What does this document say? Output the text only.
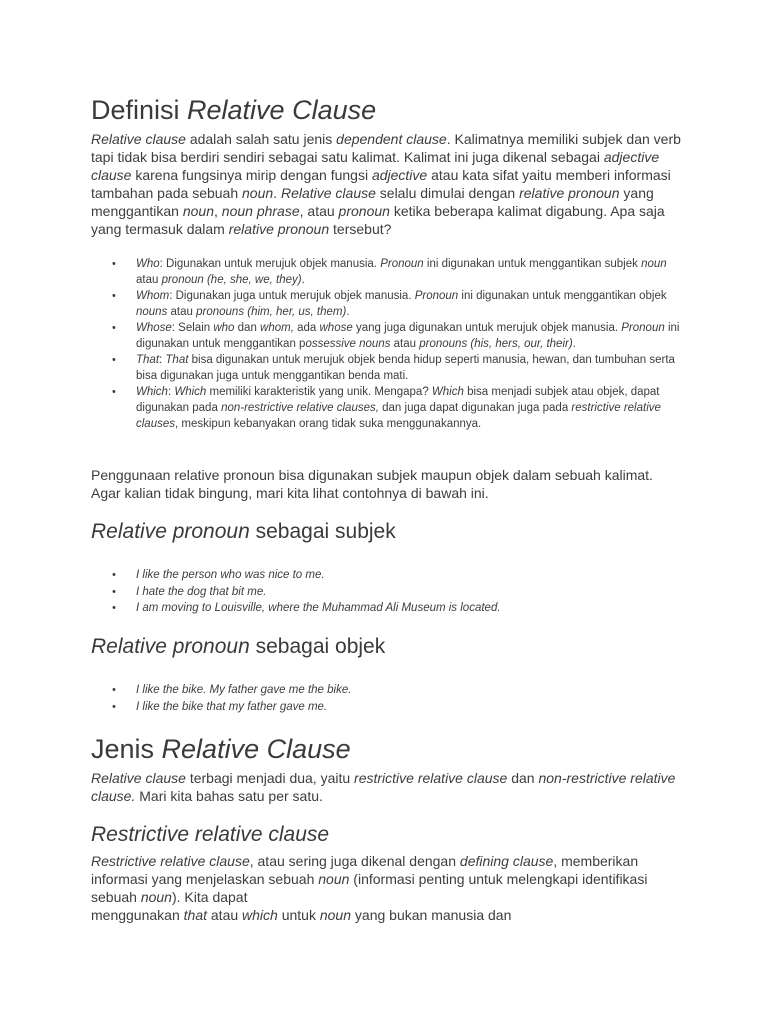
Definisi Relative Clause

Relative clause adalah salah satu jenis dependent clause. Kalimatnya memiliki subjek dan verb tapi tidak bisa berdiri sendiri sebagai satu kalimat. Kalimat ini juga dikenal sebagai adjective clause karena fungsinya mirip dengan fungsi adjective atau kata sifat yaitu memberi informasi tambahan pada sebuah noun. Relative clause selalu dimulai dengan relative pronoun yang menggantikan noun, noun phrase, atau pronoun ketika beberapa kalimat digabung. Apa saja yang termasuk dalam relative pronoun tersebut?

• Who: Digunakan untuk merujuk objek manusia. Pronoun ini digunakan untuk menggantikan subjek noun atau pronoun (he, she, we, they).
• Whom: Digunakan juga untuk merujuk objek manusia. Pronoun ini digunakan untuk menggantikan objek nouns atau pronouns (him, her, us, them).
• Whose: Selain who dan whom, ada whose yang juga digunakan untuk merujuk objek manusia. Pronoun ini digunakan untuk menggantikan possessive nouns atau pronouns (his, hers, our, their).
• That: That bisa digunakan untuk merujuk objek benda hidup seperti manusia, hewan, dan tumbuhan serta bisa digunakan juga untuk menggantikan benda mati.
• Which: Which memiliki karakteristik yang unik. Mengapa? Which bisa menjadi subjek atau objek, dapat digunakan pada non-restrictive relative clauses, dan juga dapat digunakan juga pada restrictive relative clauses, meskipun kebanyakan orang tidak suka menggunakannya.

Penggunaan relative pronoun bisa digunakan subjek maupun objek dalam sebuah kalimat. Agar kalian tidak bingung, mari kita lihat contohnya di bawah ini.

Relative pronoun sebagai subjek
• I like the person who was nice to me.
• I hate the dog that bit me.
• I am moving to Louisville, where the Muhammad Ali Museum is located.
Relative pronoun sebagai objek
• I like the bike. My father gave me the bike.
• I like the bike that my father gave me.
Jenis Relative Clause

Relative clause terbagi menjadi dua, yaitu restrictive relative clause dan non-restrictive relative clause. Mari kita bahas satu per satu.

Restrictive relative clause

Restrictive relative clause, atau sering juga dikenal dengan defining clause, memberikan informasi yang menjelaskan sebuah noun (informasi penting untuk melengkapi identifikasi sebuah noun). Kita dapat
menggunakan that atau which untuk noun yang bukan manusia dan
